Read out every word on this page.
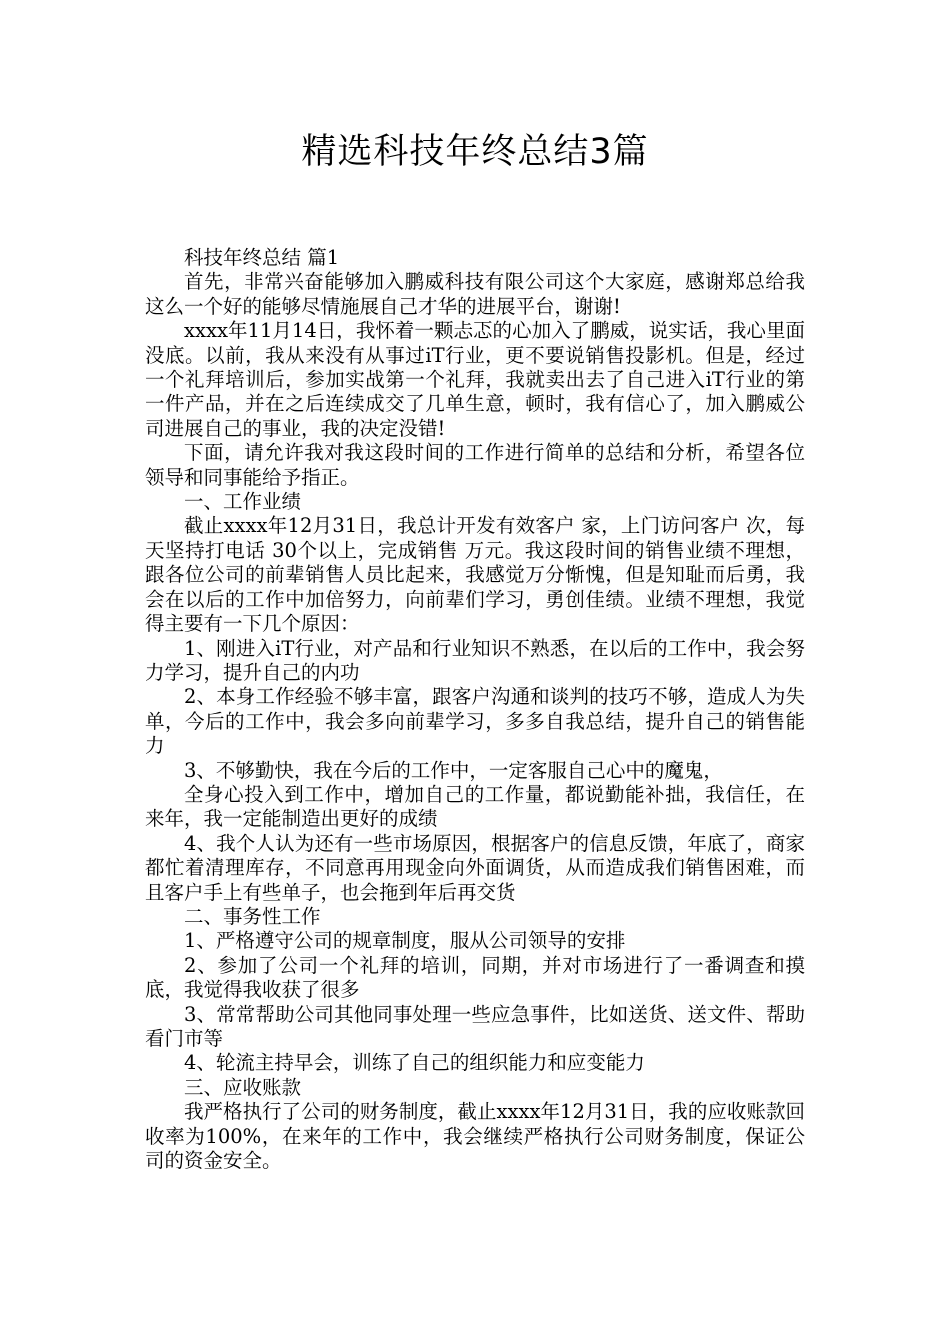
精选科技年终总结3篇

科技年终总结 篇1

首先，非常兴奋能够加入鹏威科技有限公司这个大家庭，感谢郑总给我这么一个好的能够尽情施展自己才华的进展平台，谢谢!

xxxx年11月14日，我怀着一颗忐忑的心加入了鹏威，说实话，我心里面没底。以前，我从来没有从事过iT行业，更不要说销售投影机。但是，经过一个礼拜培训后，参加实战第一个礼拜，我就卖出去了自己进入iT行业的第一件产品，并在之后连续成交了几单生意，顿时，我有信心了，加入鹏威公司进展自己的事业，我的决定没错!

下面，请允许我对我这段时间的工作进行简单的总结和分析，希望各位领导和同事能给予指正。

一、工作业绩

截止xxxx年12月31日，我总计开发有效客户 家，上门访问客户 次，每天坚持打电话 30个以上，完成销售 万元。我这段时间的销售业绩不理想，跟各位公司的前辈销售人员比起来，我感觉万分惭愧，但是知耻而后勇，我会在以后的工作中加倍努力，向前辈们学习，勇创佳绩。业绩不理想，我觉得主要有一下几个原因：

1、刚进入iT行业，对产品和行业知识不熟悉，在以后的工作中，我会努力学习，提升自己的内功

2、本身工作经验不够丰富，跟客户沟通和谈判的技巧不够，造成人为失单，今后的工作中，我会多向前辈学习，多多自我总结，提升自己的销售能力

3、不够勤快，我在今后的工作中，一定客服自己心中的魔鬼，

全身心投入到工作中，增加自己的工作量，都说勤能补拙，我信任，在来年，我一定能制造出更好的成绩

4、我个人认为还有一些市场原因，根据客户的信息反馈，年底了，商家都忙着清理库存，不同意再用现金向外面调货，从而造成我们销售困难，而且客户手上有些单子，也会拖到年后再交货

二、事务性工作

1、严格遵守公司的规章制度，服从公司领导的安排

2、参加了公司一个礼拜的培训，同期，并对市场进行了一番调查和摸底，我觉得我收获了很多

3、常常帮助公司其他同事处理一些应急事件，比如送货、送文件、帮助看门市等

4、轮流主持早会，训练了自己的组织能力和应变能力

三、应收账款

我严格执行了公司的财务制度，截止xxxx年12月31日，我的应收账款回收率为100%，在来年的工作中，我会继续严格执行公司财务制度，保证公司的资金安全。
